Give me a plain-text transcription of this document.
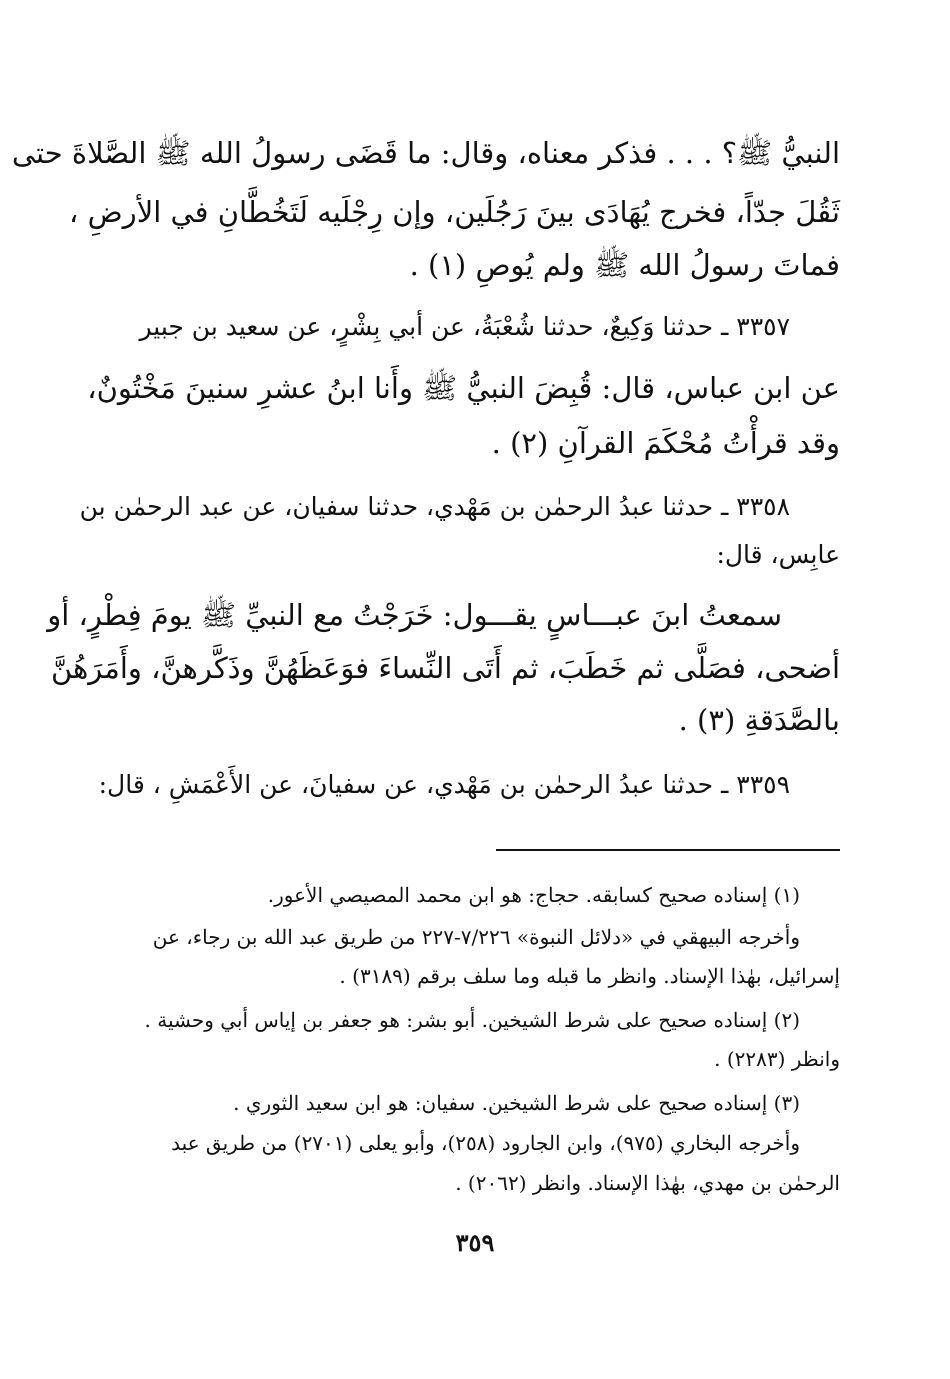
النبيُّ ﷺ؟ . . . فذكر معناه، وقال: ما قَضَى رسولُ الله ﷺ الصَّلاةَ حتى
ثَقُلَ جدّاً، فخرج يُهَادَى بينَ رَجُلَين، وإن رِجْلَيه لَتَخُطَّانِ في الأرضِ ،
فماتَ رسولُ الله ﷺ ولم يُوصِ (١) .
٣٣٥٧ ـ حدثنا وَكِيعٌ، حدثنا شُعْبَةُ، عن أبي بِشْرٍ، عن سعيد بن جبير
عن ابن عباس، قال: قُبِضَ النبيُّ ﷺ وأَنا ابنُ عشرِ سنينَ مَخْتُونٌ،
وقد قرأْتُ مُحْكَمَ القرآنِ (٢) .
٣٣٥٨ ـ حدثنا عبدُ الرحمٰن بن مَهْدي، حدثنا سفيان، عن عبد الرحمٰن بن
عابِس، قال:
سمعتُ ابنَ عبـــاسٍ يقـــول: خَرَجْتُ مع النبيِّ ﷺ يومَ فِطْرٍ، أو
أضحى، فصَلَّى ثم خَطَبَ، ثم أَتَى النِّساءَ فوَعَظَهُنَّ وذَكَّرهنَّ، وأَمَرَهُنَّ
بالصَّدَقةِ (٣) .
٣٣٥٩ ـ حدثنا عبدُ الرحمٰن بن مَهْدي، عن سفيانَ، عن الأَعْمَشِ ، قال:
(١) إسناده صحيح كسابقه. حجاج: هو ابن محمد المصيصي الأعور.
وأخرجه البيهقي في «دلائل النبوة» ٧/٢٢٦-٢٢٧ من طريق عبد الله بن رجاء، عن
إسرائيل، بهٰذا الإسناد. وانظر ما قبله وما سلف برقم (٣١٨٩) .
(٢) إسناده صحيح على شرط الشيخين. أبو بشر: هو جعفر بن إياس أبي وحشية .
وانظر (٢٢٨٣) .
(٣) إسناده صحيح على شرط الشيخين. سفيان: هو ابن سعيد الثوري .
وأخرجه البخاري (٩٧٥)، وابن الجارود (٢٥٨)، وأبو يعلى (٢٧٠١) من طريق عبد
الرحمٰن بن مهدي، بهٰذا الإسناد. وانظر (٢٠٦٢) .
٣٥٩
